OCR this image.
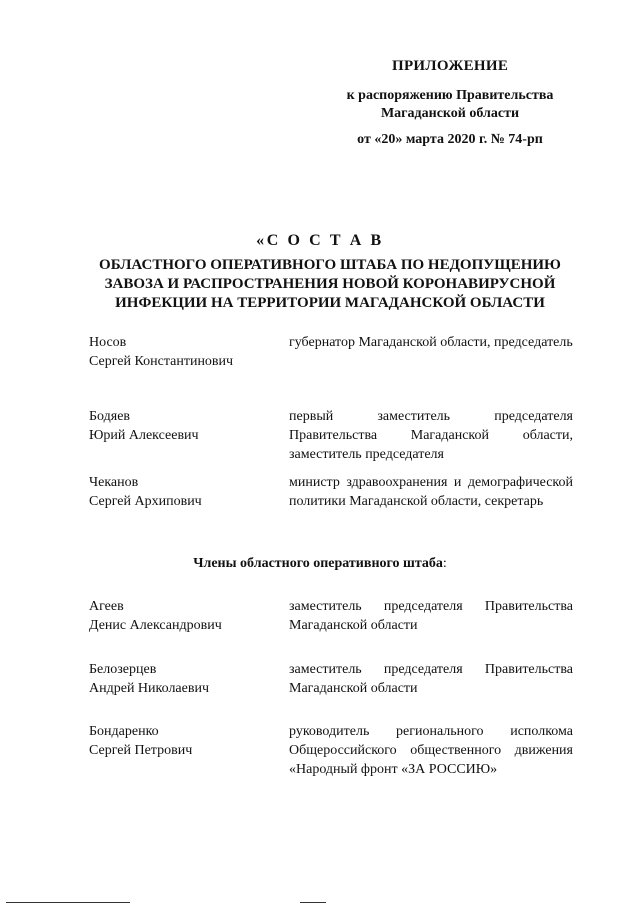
ПРИЛОЖЕНИЕ
к распоряжению Правительства
Магаданской области
от «20» марта 2020 г. № 74-рп
«С О С Т А В
ОБЛАСТНОГО ОПЕРАТИВНОГО ШТАБА ПО НЕДОПУЩЕНИЮ
ЗАВОЗА И РАСПРОСТРАНЕНИЯ НОВОЙ КОРОНАВИРУСНОЙ
ИНФЕКЦИИ НА ТЕРРИТОРИИ МАГАДАНСКОЙ ОБЛАСТИ
Носов
Сергей Константинович
губернатор Магаданской области, председатель
Бодяев
Юрий Алексеевич
первый заместитель председателя Правительства Магаданской области, заместитель председателя
Чеканов
Сергей Архипович
министр здравоохранения и демографической политики Магаданской области, секретарь
Члены областного оперативного штаба:
Агеев
Денис Александрович
заместитель председателя Правительства Магаданской области
Белозерцев
Андрей Николаевич
заместитель председателя Правительства Магаданской области
Бондаренко
Сергей Петрович
руководитель регионального исполкома Общероссийского общественного движения «Народный фронт «ЗА РОССИЮ»
